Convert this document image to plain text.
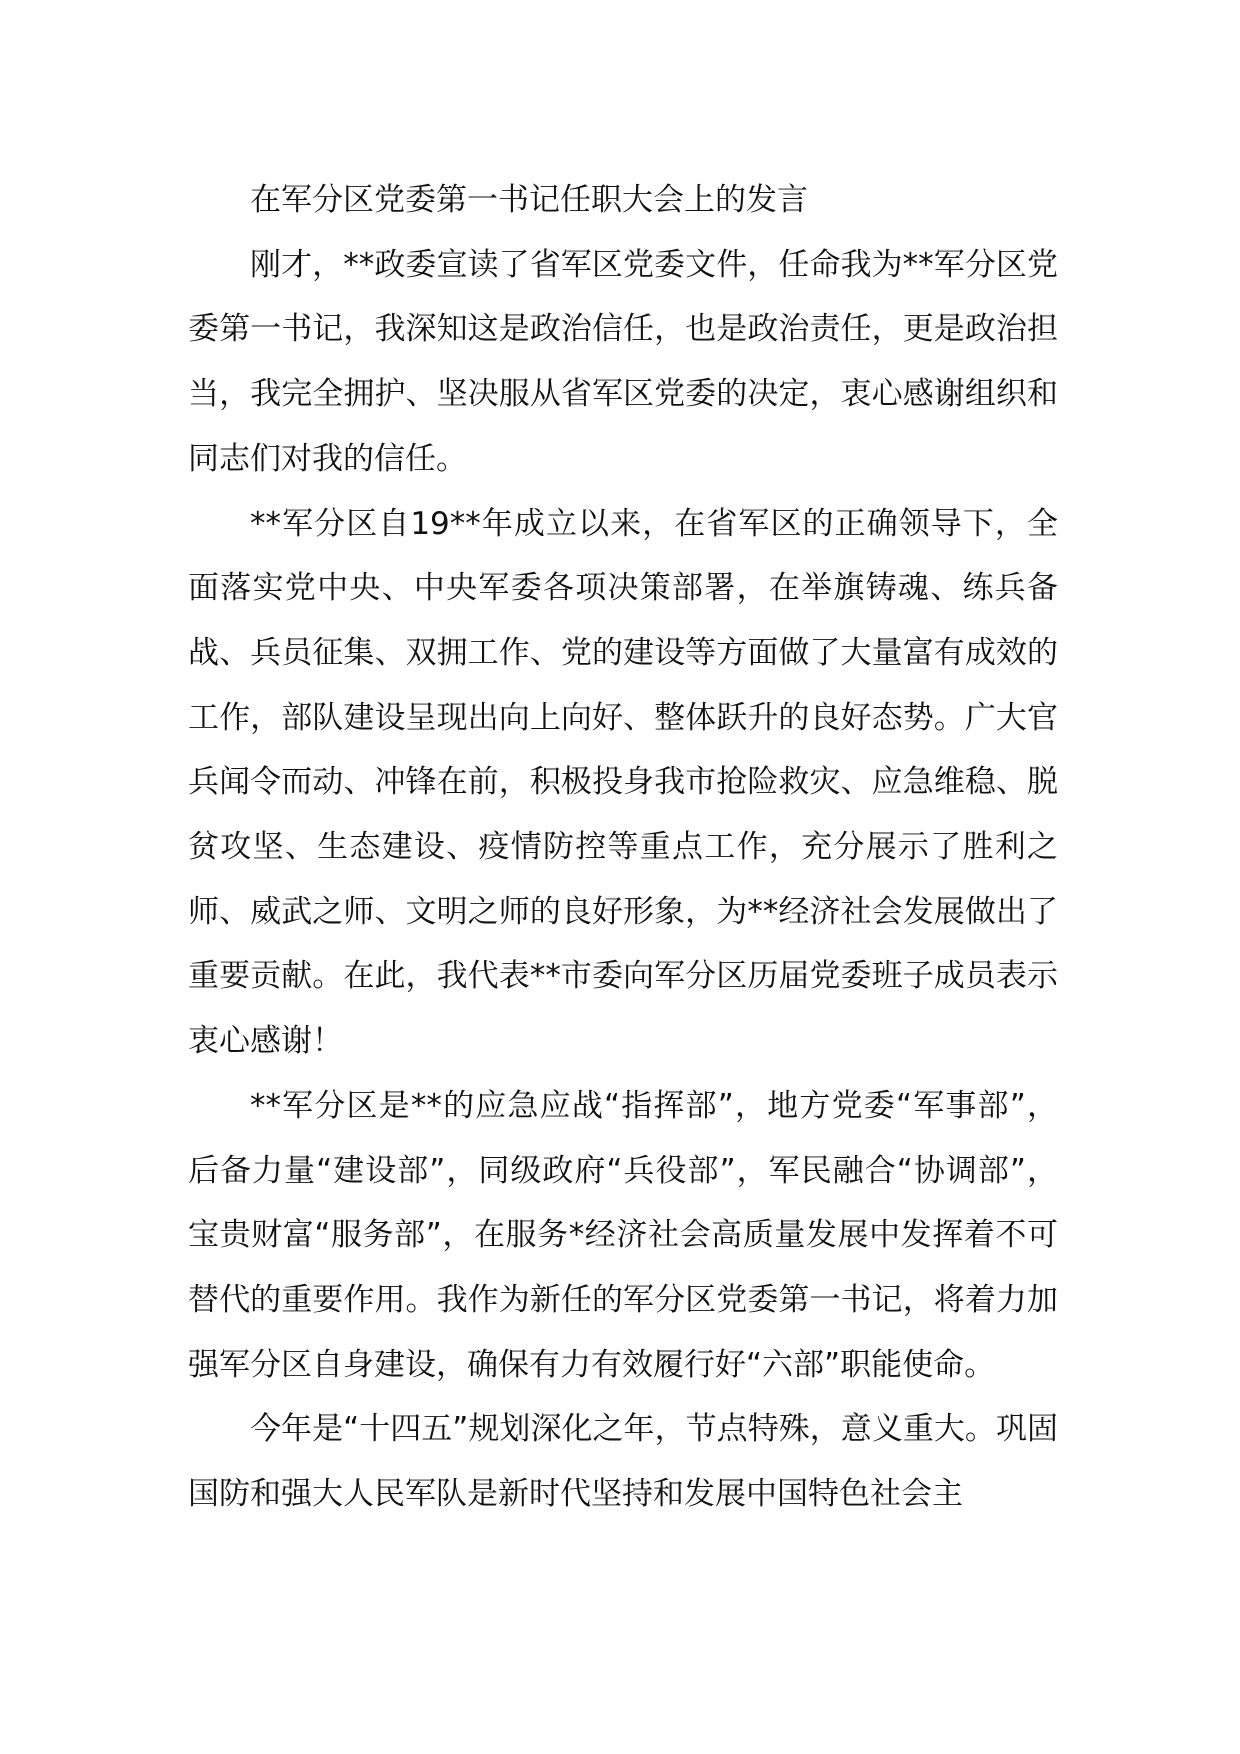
在军分区党委第一书记任职大会上的发言

刚才，**政委宣读了省军区党委文件，任命我为**军分区党委第一书记，我深知这是政治信任，也是政治责任，更是政治担当，我完全拥护、坚决服从省军区党委的决定，衷心感谢组织和同志们对我的信任。

**军分区自19**年成立以来，在省军区的正确领导下，全面落实党中央、中央军委各项决策部署，在举旗铸魂、练兵备战、兵员征集、双拥工作、党的建设等方面做了大量富有成效的工作，部队建设呈现出向上向好、整体跃升的良好态势。广大官兵闻令而动、冲锋在前，积极投身我市抢险救灾、应急维稳、脱贫攻坚、生态建设、疫情防控等重点工作，充分展示了胜利之师、威武之师、文明之师的良好形象，为**经济社会发展做出了重要贡献。在此，我代表**市委向军分区历届党委班子成员表示衷心感谢！

**军分区是**的应急应战“指挥部”，地方党委“军事部”，后备力量“建设部”，同级政府“兵役部”，军民融合“协调部”，宝贵财富“服务部”，在服务*经济社会高质量发展中发挥着不可替代的重要作用。我作为新任的军分区党委第一书记，将着力加强军分区自身建设，确保有力有效履行好“六部”职能使命。

今年是“十四五”规划深化之年，节点特殊，意义重大。巩固国防和强大人民军队是新时代坚持和发展中国特色社会主
